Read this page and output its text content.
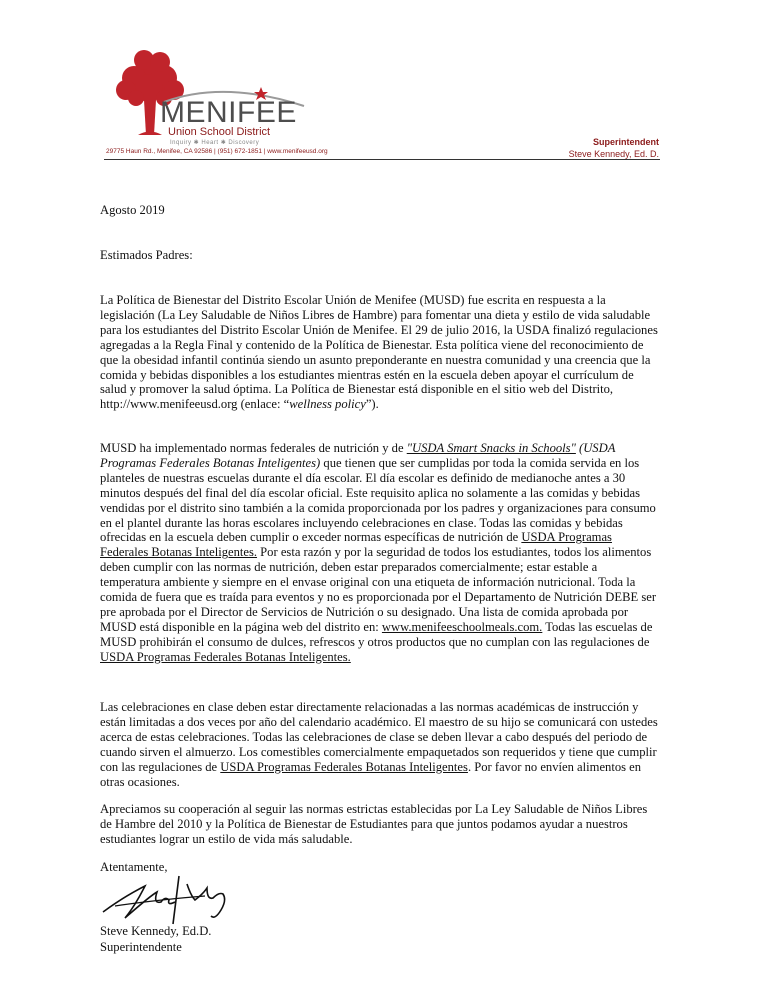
MENIFEE
Union School District
Inquiry ✱ Heart ✱ Discovery
29775 Haun Rd., Menifee, CA 92586 | (951) 672-1851 | www.menifeeusd.org
Superintendent
Steve Kennedy, Ed. D.
Agosto 2019
Estimados Padres:

La Política de Bienestar del Distrito Escolar Unión de Menifee (MUSD) fue escrita en respuesta a la legislación (La Ley Saludable de Niños Libres de Hambre) para fomentar una dieta y estilo de vida saludable para los estudiantes del Distrito Escolar Unión de Menifee. El 29 de julio 2016, la USDA finalizó regulaciones agregadas a la Regla Final y contenido de la Política de Bienestar. Esta política viene del reconocimiento de que la obesidad infantil continúa siendo un asunto preponderante en nuestra comunidad y una creencia que la comida y bebidas disponibles a los estudiantes mientras estén en la escuela deben apoyar el currículum de salud y promover la salud óptima. La Política de Bienestar está disponible en el sitio web del Distrito, http://www.menifeeusd.org (enlace: “wellness policy”).

MUSD ha implementado normas federales de nutrición y de "USDA Smart Snacks in Schools" (USDA Programas Federales Botanas Inteligentes) que tienen que ser cumplidas por toda la comida servida en los planteles de nuestras escuelas durante el día escolar. El día escolar es definido de medianoche antes a 30 minutos después del final del día escolar oficial. Este requisito aplica no solamente a las comidas y bebidas vendidas por el distrito sino también a la comida proporcionada por los padres y organizaciones para consumo en el plantel durante las horas escolares incluyendo celebraciones en clase. Todas las comidas y bebidas ofrecidas en la escuela deben cumplir o exceder normas específicas de nutrición de USDA Programas Federales Botanas Inteligentes. Por esta razón y por la seguridad de todos los estudiantes, todos los alimentos deben cumplir con las normas de nutrición, deben estar preparados comercialmente; estar estable a temperatura ambiente y siempre en el envase original con una etiqueta de información nutricional. Toda la comida de fuera que es traída para eventos y no es proporcionada por el Departamento de Nutrición DEBE ser pre aprobada por el Director de Servicios de Nutrición o su designado. Una lista de comida aprobada por MUSD está disponible en la página web del distrito en: www.menifeeschoolmeals.com. Todas las escuelas de MUSD prohibirán el consumo de dulces, refrescos y otros productos que no cumplan con las regulaciones de USDA Programas Federales Botanas Inteligentes.

Las celebraciones en clase deben estar directamente relacionadas a las normas académicas de instrucción y están limitadas a dos veces por año del calendario académico. El maestro de su hijo se comunicará con ustedes acerca de estas celebraciones. Todas las celebraciones de clase se deben llevar a cabo después del periodo de cuando sirven el almuerzo. Los comestibles comercialmente empaquetados son requeridos y tiene que cumplir con las regulaciones de USDA Programas Federales Botanas Inteligentes. Por favor no envíen alimentos en otras ocasiones.

Apreciamos su cooperación al seguir las normas estrictas establecidas por La Ley Saludable de Niños Libres de Hambre del 2010 y la Política de Bienestar de Estudiantes para que juntos podamos ayudar a nuestros estudiantes lograr un estilo de vida más saludable.

Atentamente,
Steve Kennedy, Ed.D.
Superintendente
